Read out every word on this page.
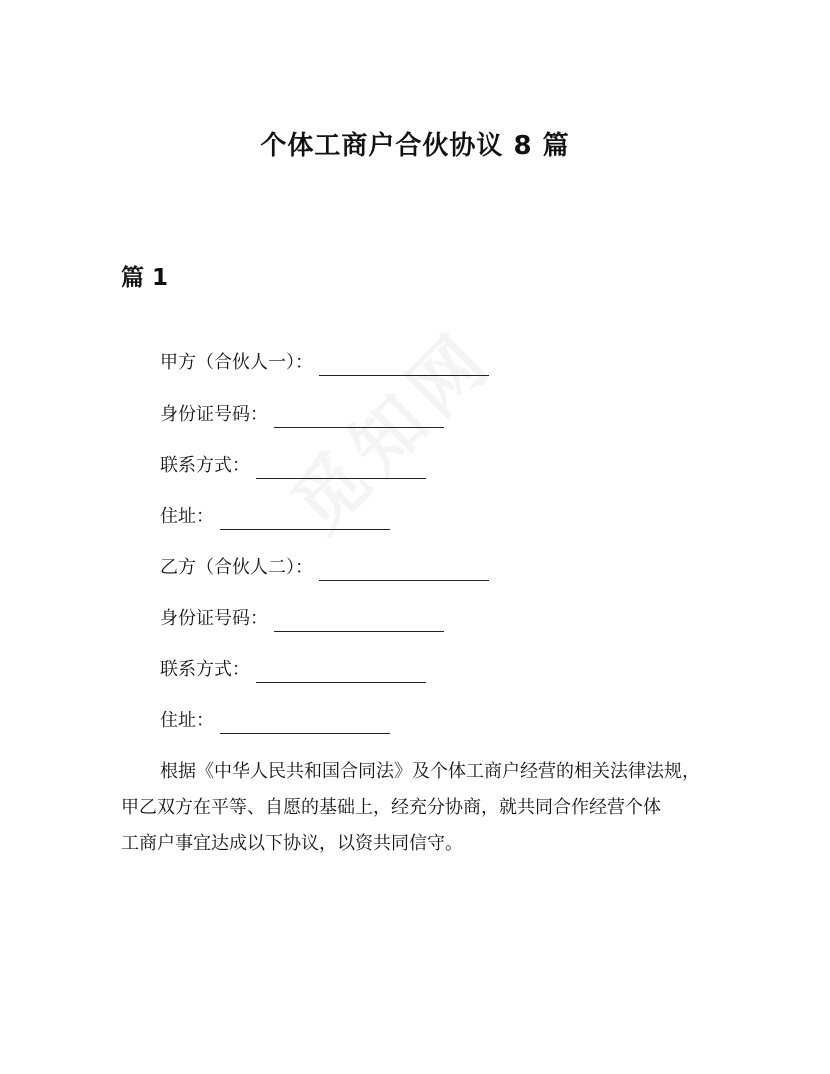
个体工商户合伙协议 8 篇
篇 1
甲方（合伙人一）：
身份证号码：
联系方式：
住址：
乙方（合伙人二）：
身份证号码：
联系方式：
住址：
根据《中华人民共和国合同法》及个体工商户经营的相关法律法规，
甲乙双方在平等、自愿的基础上，经充分协商，就共同合作经营个体
工商户事宜达成以下协议，以资共同信守。
